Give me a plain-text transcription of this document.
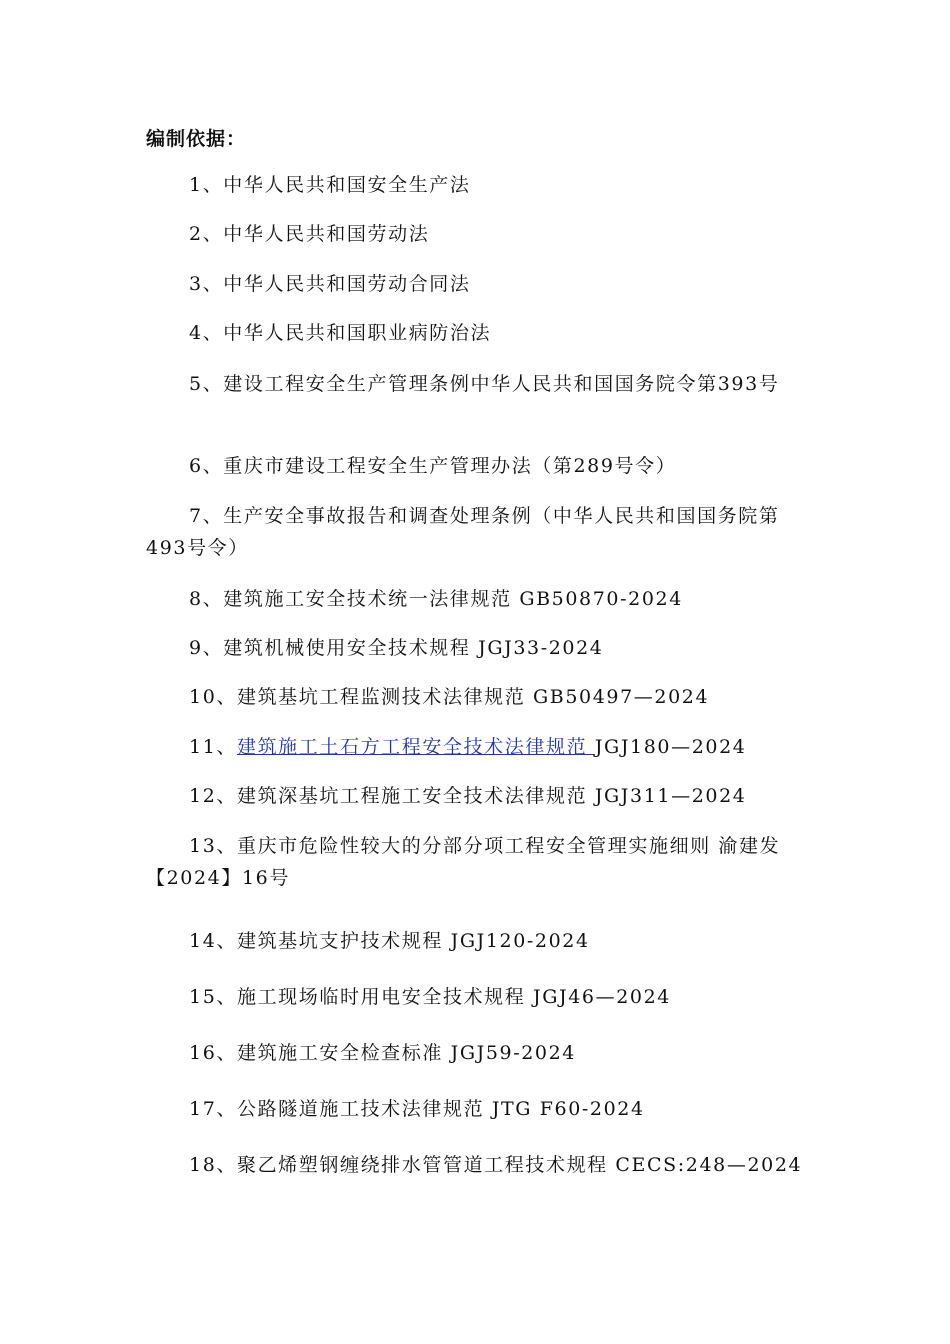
编制依据：
1、中华人民共和国安全生产法
2、中华人民共和国劳动法
3、中华人民共和国劳动合同法
4、中华人民共和国职业病防治法
5、建设工程安全生产管理条例中华人民共和国国务院令第393号
6、重庆市建设工程安全生产管理办法（第289号令）
7、生产安全事故报告和调查处理条例（中华人民共和国国务院第493号令）
8、建筑施工安全技术统一法律规范 GB50870-2024
9、建筑机械使用安全技术规程 JGJ33-2024
10、建筑基坑工程监测技术法律规范 GB50497—2024
11、建筑施工土石方工程安全技术法律规范 JGJ180—2024
12、建筑深基坑工程施工安全技术法律规范 JGJ311—2024
13、重庆市危险性较大的分部分项工程安全管理实施细则 渝建发【2024】16号
14、建筑基坑支护技术规程 JGJ120-2024
15、施工现场临时用电安全技术规程 JGJ46—2024
16、建筑施工安全检查标准 JGJ59-2024
17、公路隧道施工技术法律规范 JTG F60-2024
18、聚乙烯塑钢缠绕排水管管道工程技术规程 CECS:248—2024
